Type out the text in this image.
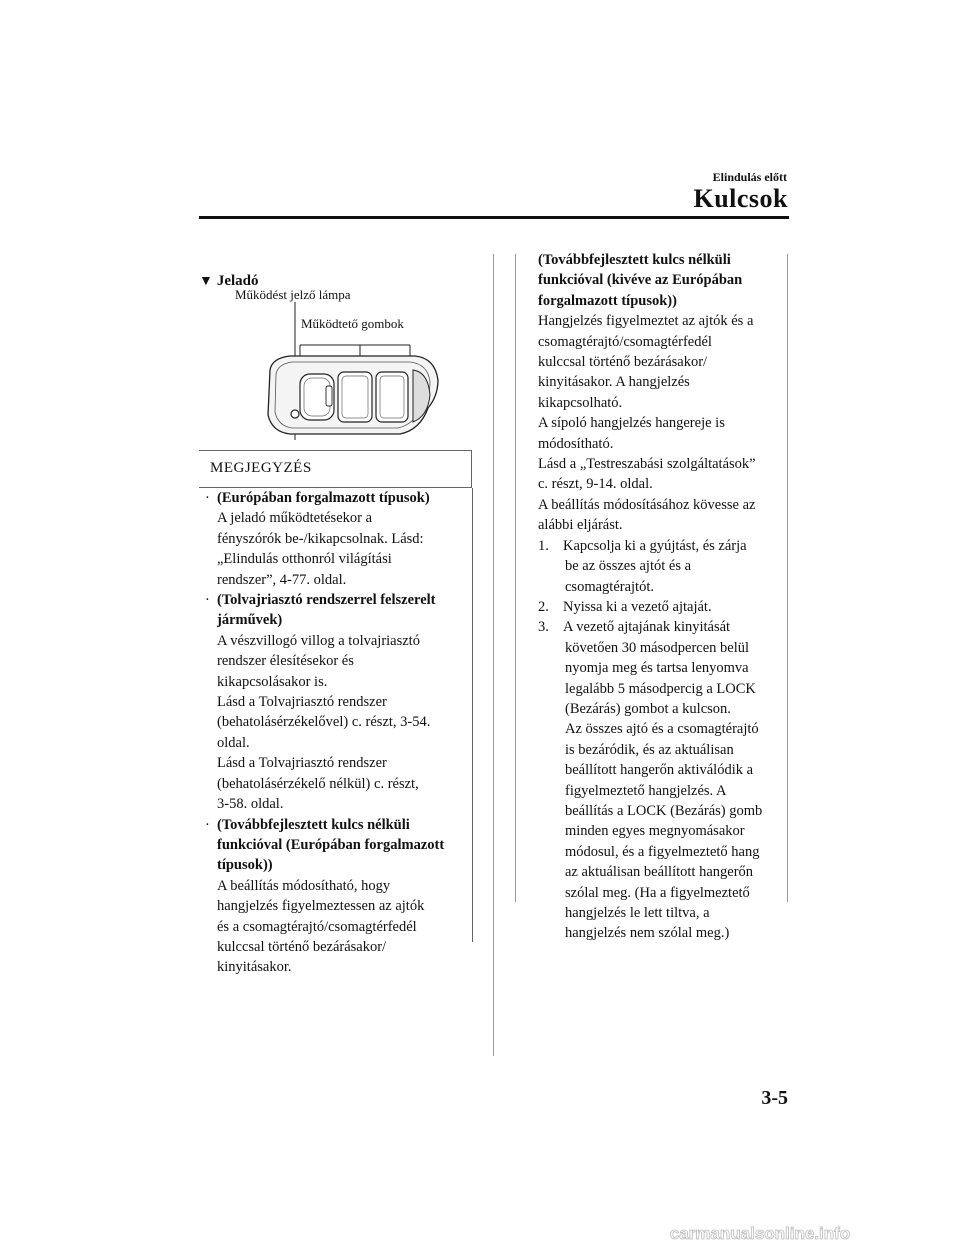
Elindulás előtt
Kulcsok
▼ Jeladó
Működést jelző lámpa
Működtető gombok
MEGJEGYZÉS
· (Európában forgalmazott típusok)
A jeladó működtetésekor a
fényszórók be-/kikapcsolnak. Lásd:
„Elindulás otthonról világítási
rendszer”, 4-77. oldal.
· (Tolvajriasztó rendszerrel felszerelt járművek)
A vészvillogó villog a tolvajriasztó
rendszer élesítésekor és
kikapcsolásakor is.
Lásd a Tolvajriasztó rendszer
(behatolásérzékelővel) c. részt, 3-54.
oldal.
Lásd a Tolvajriasztó rendszer
(behatolásérzékelő nélkül) c. részt,
3-58. oldal.
· (Továbbfejlesztett kulcs nélküli funkcióval (Európában forgalmazott típusok))
A beállítás módosítható, hogy
hangjelzés figyelmeztessen az ajtók
és a csomagtérajtó/csomagtérfedél
kulccsal történő bezárásakor/
kinyitásakor.
(Továbbfejlesztett kulcs nélküli funkcióval (kivéve az Európában forgalmazott típusok))
Hangjelzés figyelmeztet az ajtók és a
csomagtérajtó/csomagtérfedél
kulccsal történő bezárásakor/
kinyitásakor. A hangjelzés
kikapcsolható.
A sípoló hangjelzés hangereje is
módosítható.
Lásd a „Testreszabási szolgáltatások”
c. részt, 9-14. oldal.
A beállítás módosításához kövesse az
alábbi eljárást.
1. Kapcsolja ki a gyújtást, és zárja
be az összes ajtót és a
csomagtérajtót.
2. Nyissa ki a vezető ajtaját.
3. A vezető ajtajának kinyitását
követően 30 másodpercen belül
nyomja meg és tartsa lenyomva
legalább 5 másodpercig a LOCK
(Bezárás) gombot a kulcson.
Az összes ajtó és a csomagtérajtó
is bezáródik, és az aktuálisan
beállított hangerőn aktiválódik a
figyelmeztető hangjelzés. A
beállítás a LOCK (Bezárás) gomb
minden egyes megnyomásakor
módosul, és a figyelmeztető hang
az aktuálisan beállított hangerőn
szólal meg. (Ha a figyelmeztető
hangjelzés le lett tiltva, a
hangjelzés nem szólal meg.)
3-5
carmanualsonline.info
